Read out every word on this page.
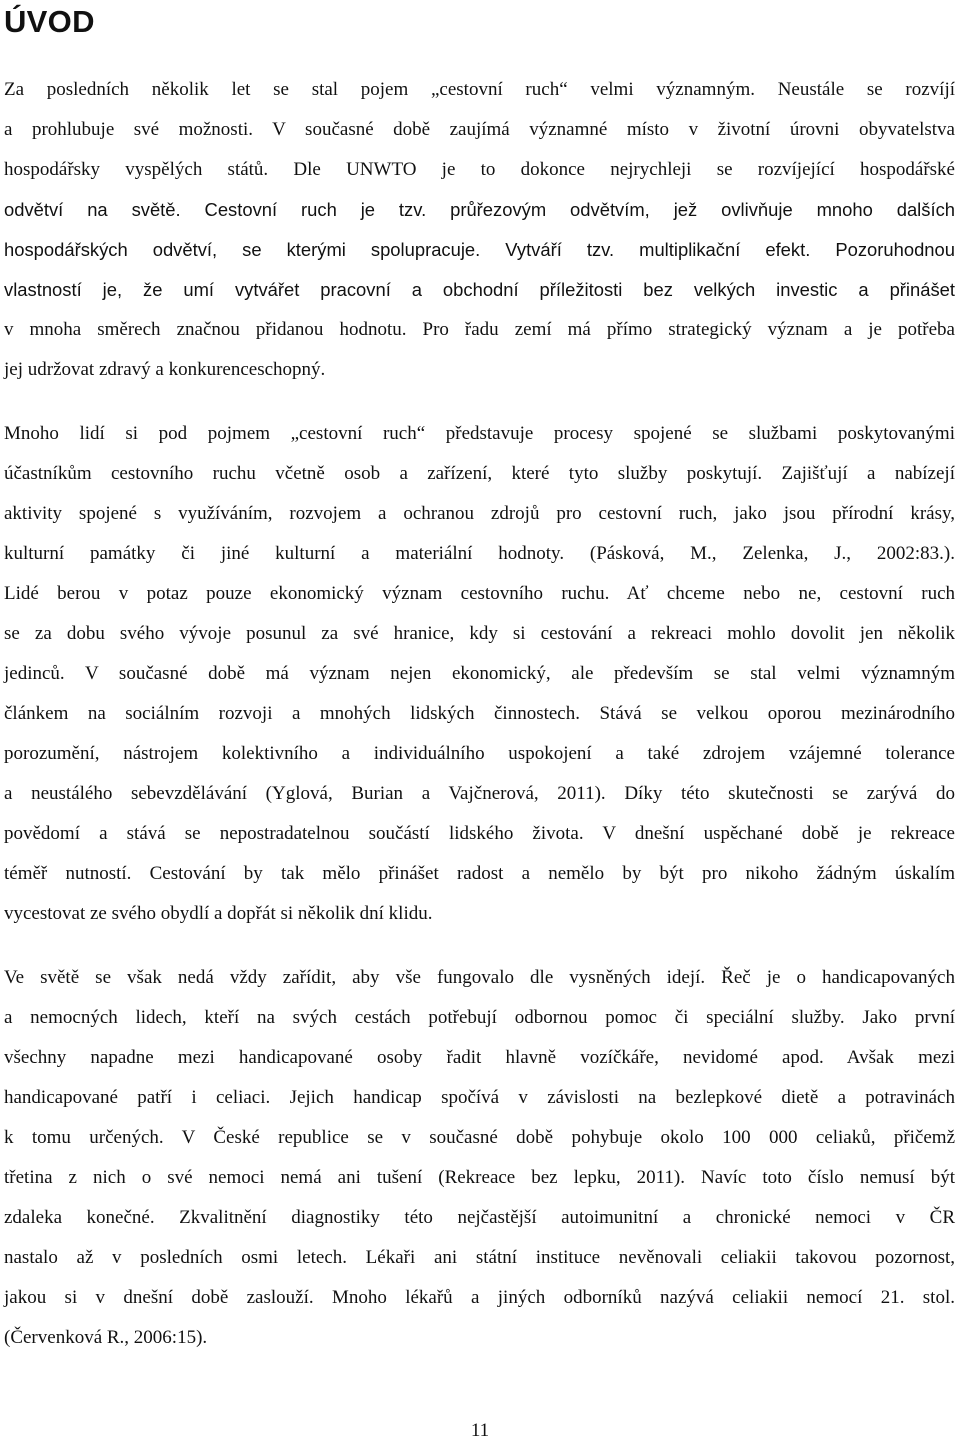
ÚVOD
Za posledních několik let se stal pojem „cestovní ruch“ velmi významným. Neustále se rozvíjí
a prohlubuje své možnosti. V současné době zaujímá významné místo v životní úrovni obyvatelstva
hospodářsky vyspělých států. Dle UNWTO je to dokonce nejrychleji se rozvíjející hospodářské
odvětví na světě. Cestovní ruch je tzv. průřezovým odvětvím, jež ovlivňuje mnoho dalších
hospodářských odvětví, se kterými spolupracuje. Vytváří tzv. multiplikační efekt. Pozoruhodnou
vlastností je, že umí vytvářet pracovní a obchodní příležitosti bez velkých investic a přinášet
v mnoha směrech značnou přidanou hodnotu. Pro řadu zemí má přímo strategický význam a je potřeba
jej udržovat zdravý a konkurenceschopný.
Mnoho lidí si pod pojmem „cestovní ruch“ představuje procesy spojené se službami poskytovanými
účastníkům cestovního ruchu včetně osob a zařízení, které tyto služby poskytují. Zajišťují a nabízejí
aktivity spojené s využíváním, rozvojem a ochranou zdrojů pro cestovní ruch, jako jsou přírodní krásy,
kulturní památky či jiné kulturní a materiální hodnoty. (Pásková, M., Zelenka, J., 2002:83.).
Lidé berou v potaz pouze ekonomický význam cestovního ruchu. Ať chceme nebo ne, cestovní ruch
se za dobu svého vývoje posunul za své hranice, kdy si cestování a rekreaci mohlo dovolit jen několik
jedinců. V současné době má význam nejen ekonomický, ale především se stal velmi významným
článkem na sociálním rozvoji a mnohých lidských činnostech. Stává se velkou oporou mezinárodního
porozumění, nástrojem kolektivního a individuálního uspokojení a také zdrojem vzájemné tolerance
a neustálého sebevzdělávání (Yglová, Burian a Vajčnerová, 2011). Díky této skutečnosti se zarývá do
povědomí a stává se nepostradatelnou součástí lidského života. V dnešní uspěchané době je rekreace
téměř nutností. Cestování by tak mělo přinášet radost a nemělo by být pro nikoho žádným úskalím
vycestovat ze svého obydlí a dopřát si několik dní klidu.
Ve světě se však nedá vždy zařídit, aby vše fungovalo dle vysněných idejí. Řeč je o handicapovaných
a nemocných lidech, kteří na svých cestách potřebují odbornou pomoc či speciální služby. Jako první
všechny napadne mezi handicapované osoby řadit hlavně vozíčkáře, nevidomé apod. Avšak mezi
handicapované patří i celiaci. Jejich handicap spočívá v závislosti na bezlepkové dietě a potravinách
k tomu určených. V České republice se v současné době pohybuje okolo 100 000 celiaků, přičemž
třetina z nich o své nemoci nemá ani tušení (Rekreace bez lepku, 2011). Navíc toto číslo nemusí být
zdaleka konečné. Zkvalitnění diagnostiky této nejčastější autoimunitní a chronické nemoci v ČR
nastalo až v posledních osmi letech. Lékaři ani státní instituce nevěnovali celiakii takovou pozornost,
jakou si v dnešní době zaslouží. Mnoho lékařů a jiných odborníků nazývá celiakii nemocí 21. stol.
(Červenková R., 2006:15).
11
